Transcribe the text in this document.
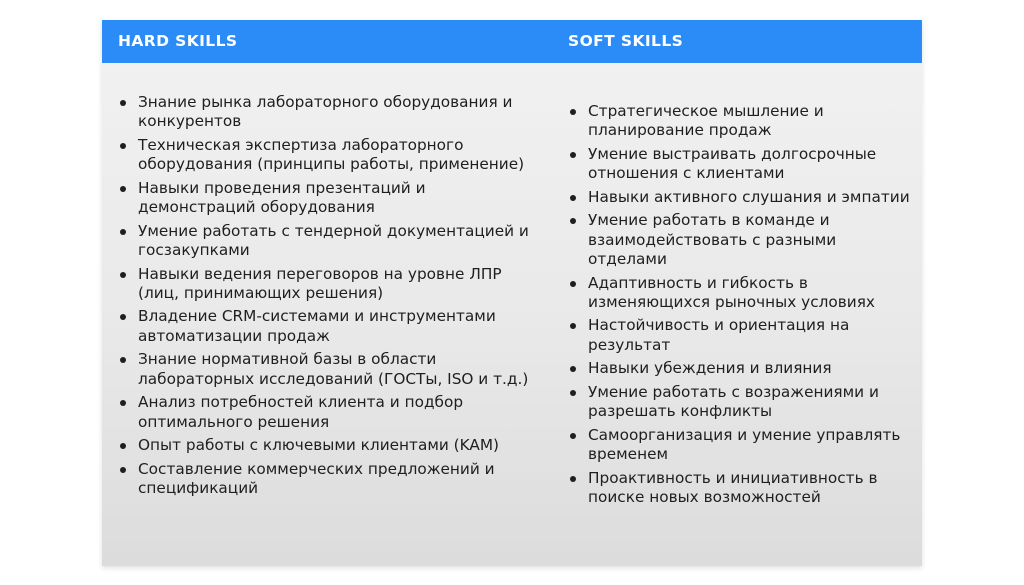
HARD SKILLS	SOFT SKILLS
Знание рынка лабораторного оборудования и конкурентов
Техническая экспертиза лабораторного оборудования (принципы работы, применение)
Навыки проведения презентаций и демонстраций оборудования
Умение работать с тендерной документацией и госзакупками
Навыки ведения переговоров на уровне ЛПР (лиц, принимающих решения)
Владение CRM-системами и инструментами автоматизации продаж
Знание нормативной базы в области лабораторных исследований (ГОСТы, ISO и т.д.)
Анализ потребностей клиента и подбор оптимального решения
Опыт работы с ключевыми клиентами (KAM)
Составление коммерческих предложений и спецификаций
Стратегическое мышление и планирование продаж
Умение выстраивать долгосрочные отношения с клиентами
Навыки активного слушания и эмпатии
Умение работать в команде и взаимодействовать с разными отделами
Адаптивность и гибкость в изменяющихся рыночных условиях
Настойчивость и ориентация на результат
Навыки убеждения и влияния
Умение работать с возражениями и разрешать конфликты
Самоорганизация и умение управлять временем
Проактивность и инициативность в поиске новых возможностей
